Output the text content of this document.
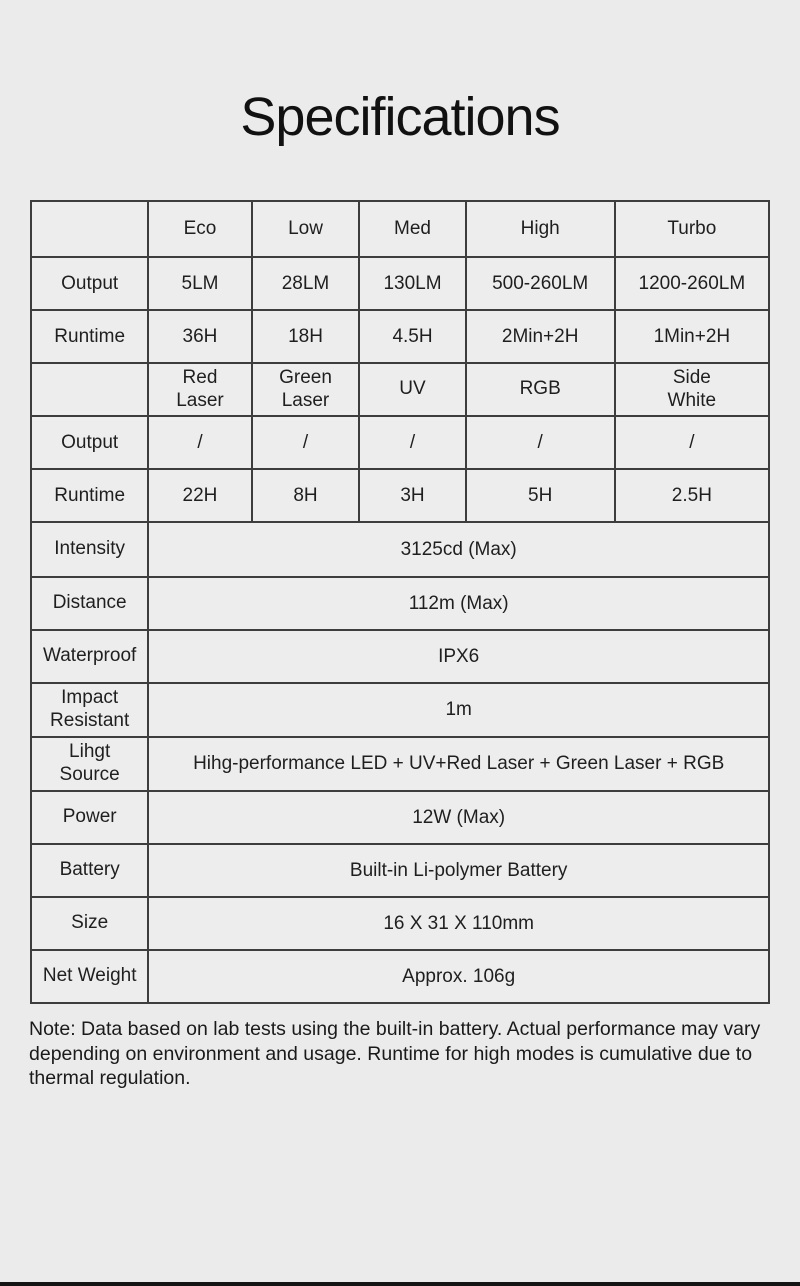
Specifications
	Eco	Low	Med	High	Turbo
Output	5LM	28LM	130LM	500-260LM	1200-260LM
Runtime	36H	18H	4.5H	2Min+2H	1Min+2H
	Red Laser	Green Laser	UV	RGB	Side White
Output	/	/	/	/	/
Runtime	22H	8H	3H	5H	2.5H
Intensity	3125cd (Max)				
Distance	112m (Max)				
Waterproof	IPX6				
Impact Resistant	1m				
Lihgt Source	Hihg-performance LED + UV+Red Laser + Green Laser + RGB				
Power	12W (Max)				
Battery	Built-in Li-polymer Battery				
Size	16 X 31 X 110mm				
Net Weight	Approx. 106g				

Note: Data based on lab tests using the built-in battery. Actual performance may vary depending on environment and usage. Runtime for high modes is cumulative due to thermal regulation.
